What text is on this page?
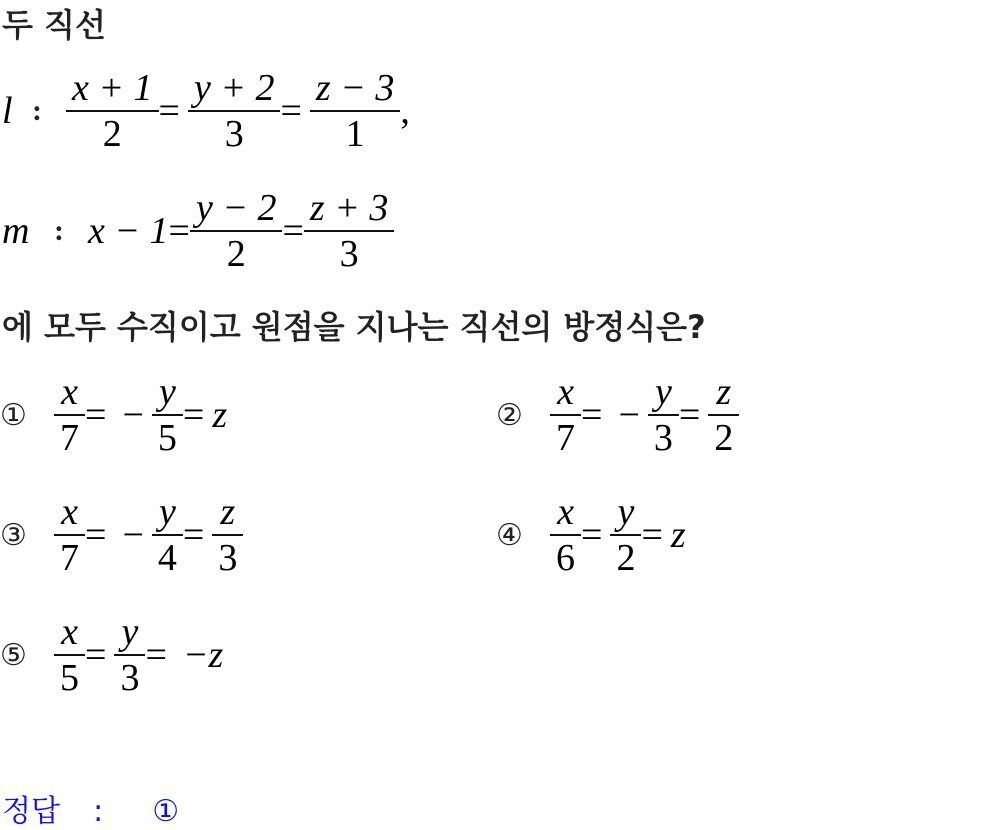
두 직선
l : $\frac{x + 1}{2} = \frac{y + 2}{3} = \frac{z - 3}{1}$ ,
m : $x - 1 = \frac{y - 2}{2} = \frac{z + 3}{3}$
에 모두 수직이고 원점을 지나는 직선의 방정식은?
① $\frac{x}{7}$ = − $\frac{y}{5} = z$	② $\frac{x}{7}$ = − $\frac{y}{3} = \frac{z}{2}$
③ $\frac{x}{7}$ = − $\frac{y}{4} = \frac{z}{3}$	④ $\frac{x}{6} = \frac{y}{2} = z$
⑤ $\frac{x}{5} = \frac{y}{3} = -z$
정답 : ①
